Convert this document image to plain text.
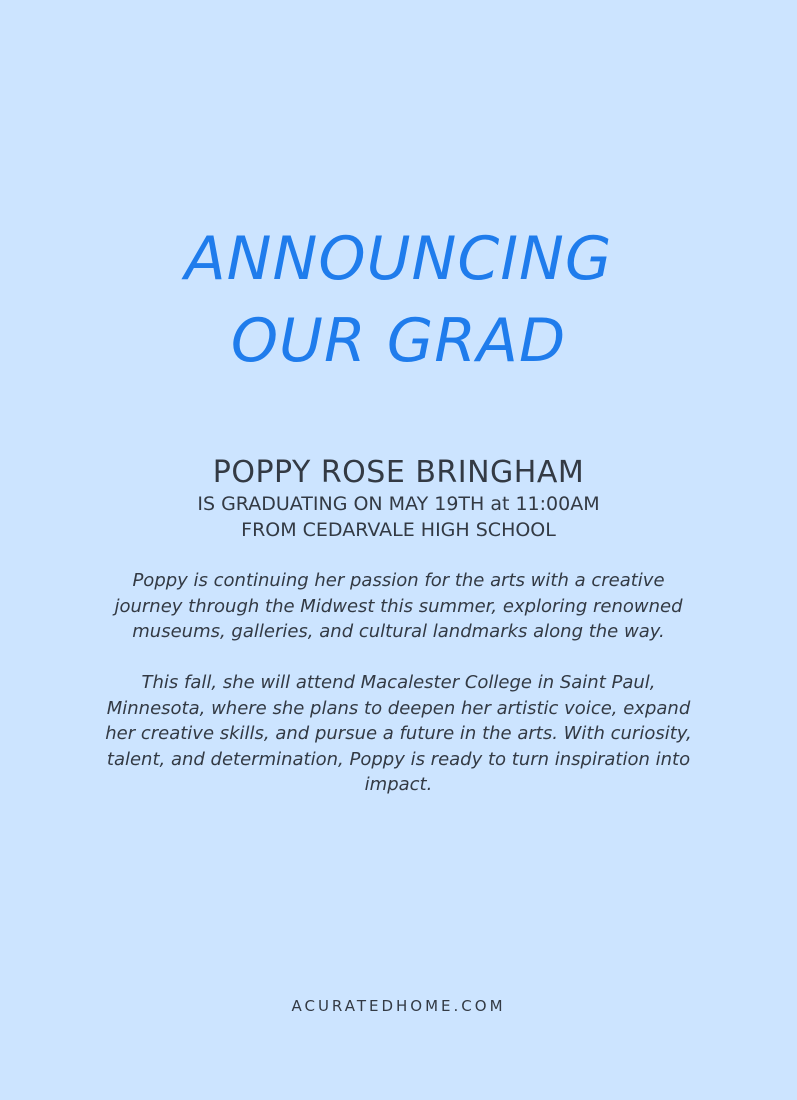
ANNOUNCING
OUR GRAD
POPPY ROSE BRINGHAM
IS GRADUATING ON MAY 19TH at 11:00AM
FROM CEDARVALE HIGH SCHOOL
Poppy is continuing her passion for the arts with a creative journey through the Midwest this summer, exploring renowned museums, galleries, and cultural landmarks along the way.
This fall, she will attend Macalester College in Saint Paul, Minnesota, where she plans to deepen her artistic voice, expand her creative skills, and pursue a future in the arts. With curiosity, talent, and determination, Poppy is ready to turn inspiration into impact.
ACURATEDHOME.COM
